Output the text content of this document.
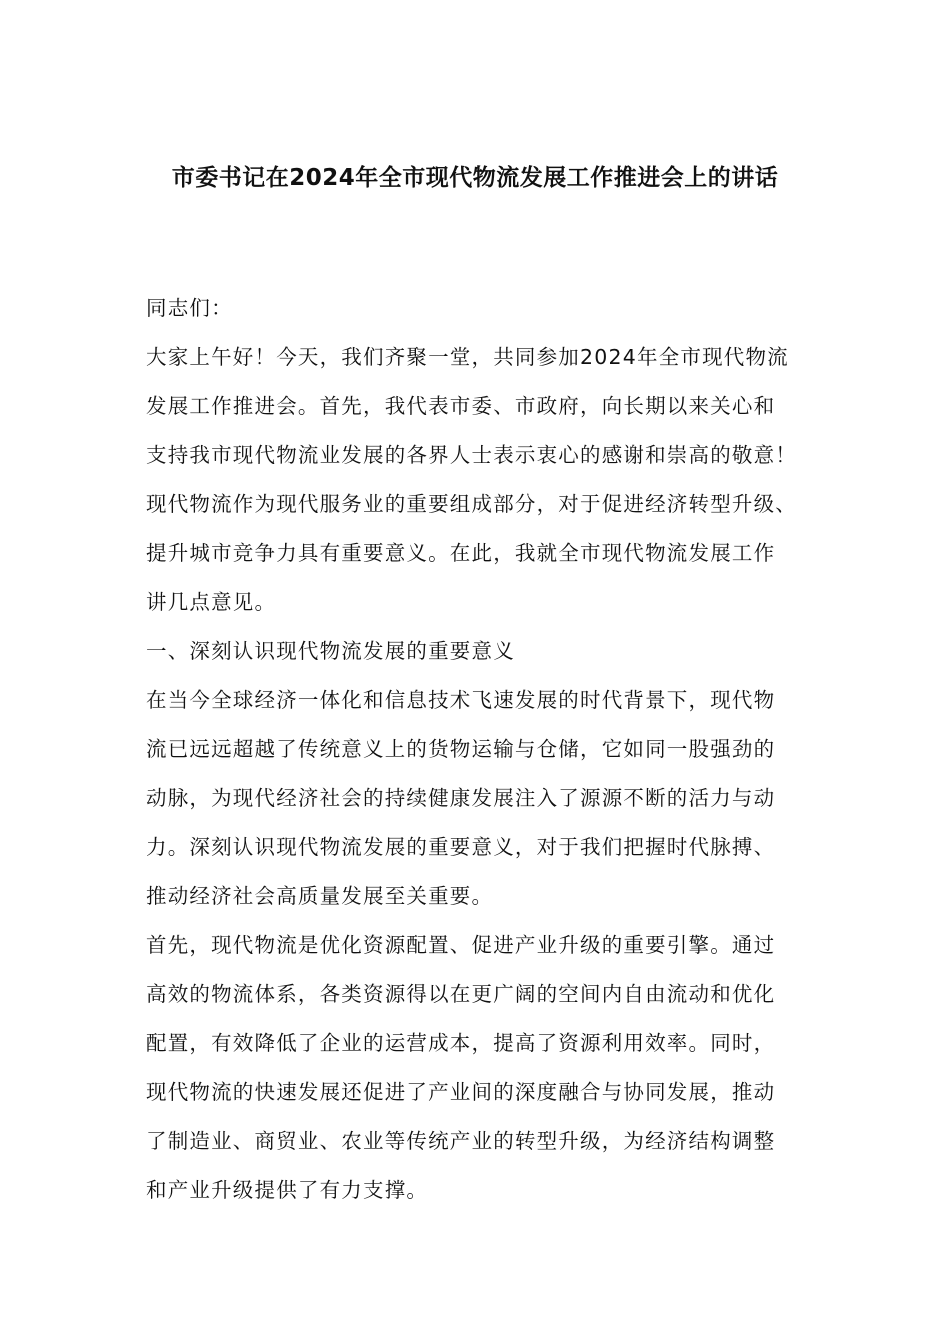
市委书记在2024年全市现代物流发展工作推进会上的讲话
同志们：
大家上午好！今天，我们齐聚一堂，共同参加2024年全市现代物流
发展工作推进会。首先，我代表市委、市政府，向长期以来关心和
支持我市现代物流业发展的各界人士表示衷心的感谢和崇高的敬意！
现代物流作为现代服务业的重要组成部分，对于促进经济转型升级、
提升城市竞争力具有重要意义。在此，我就全市现代物流发展工作
讲几点意见。
一、深刻认识现代物流发展的重要意义
在当今全球经济一体化和信息技术飞速发展的时代背景下，现代物
流已远远超越了传统意义上的货物运输与仓储，它如同一股强劲的
动脉，为现代经济社会的持续健康发展注入了源源不断的活力与动
力。深刻认识现代物流发展的重要意义，对于我们把握时代脉搏、
推动经济社会高质量发展至关重要。
首先，现代物流是优化资源配置、促进产业升级的重要引擎。通过
高效的物流体系，各类资源得以在更广阔的空间内自由流动和优化
配置，有效降低了企业的运营成本，提高了资源利用效率。同时，
现代物流的快速发展还促进了产业间的深度融合与协同发展，推动
了制造业、商贸业、农业等传统产业的转型升级，为经济结构调整
和产业升级提供了有力支撑。
